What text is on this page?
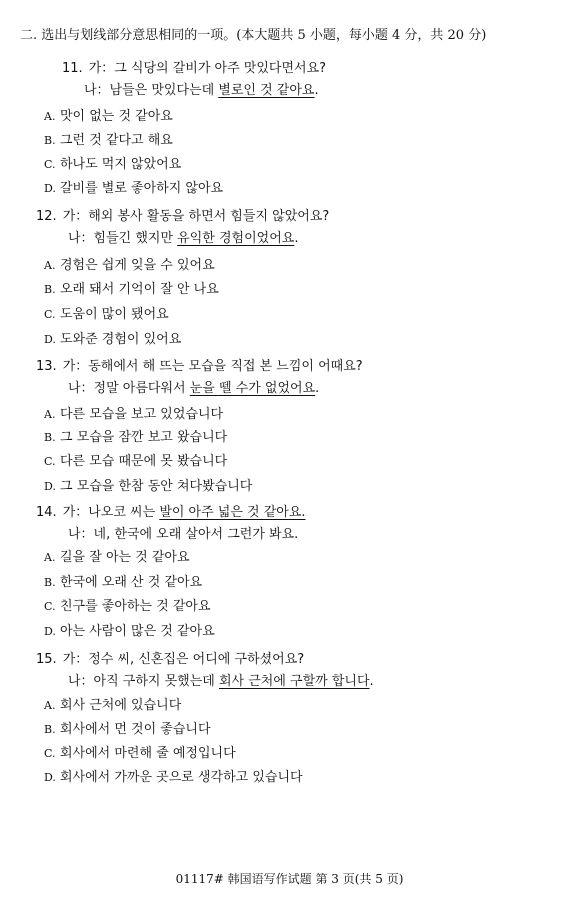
二. 选出与划线部分意思相同的一项。(本大题共 5 小题，每小题 4 分，共 20 分)
11. 가：그 식당의 갈비가 아주 맛있다면서요?
나：남들은 맛있다는데 별로인 것 같아요.
A. 맛이 없는 것 같아요
B. 그런 것 같다고 해요
C. 하나도 먹지 않았어요
D. 갈비를 별로 좋아하지 않아요
12. 가：해외 봉사 활동을 하면서 힘들지 않았어요?
나：힘들긴 했지만 유익한 경험이었어요.
A. 경험은 쉽게 잊을 수 있어요
B. 오래 돼서 기억이 잘 안 나요
C. 도움이 많이 됐어요
D. 도와준 경험이 있어요
13. 가：동해에서 해 뜨는 모습을 직접 본 느낌이 어때요?
나：정말 아름다워서 눈을 뗄 수가 없었어요.
A. 다른 모습을 보고 있었습니다
B. 그 모습을 잠깐 보고 왔습니다
C. 다른 모습 때문에 못 봤습니다
D. 그 모습을 한참 동안 쳐다봤습니다
14. 가：나오코 씨는 발이 아주 넓은 것 같아요.
나：네, 한국에 오래 살아서 그런가 봐요.
A. 길을 잘 아는 것 같아요
B. 한국에 오래 산 것 같아요
C. 친구를 좋아하는 것 같아요
D. 아는 사람이 많은 것 같아요
15. 가：정수 씨, 신혼집은 어디에 구하셨어요?
나：아직 구하지 못했는데 회사 근처에 구할까 합니다.
A. 회사 근처에 있습니다
B. 회사에서 먼 것이 좋습니다
C. 회사에서 마련해 줄 예정입니다
D. 회사에서 가까운 곳으로 생각하고 있습니다
01117# 韩国语写作试题 第 3 页(共 5 页)
